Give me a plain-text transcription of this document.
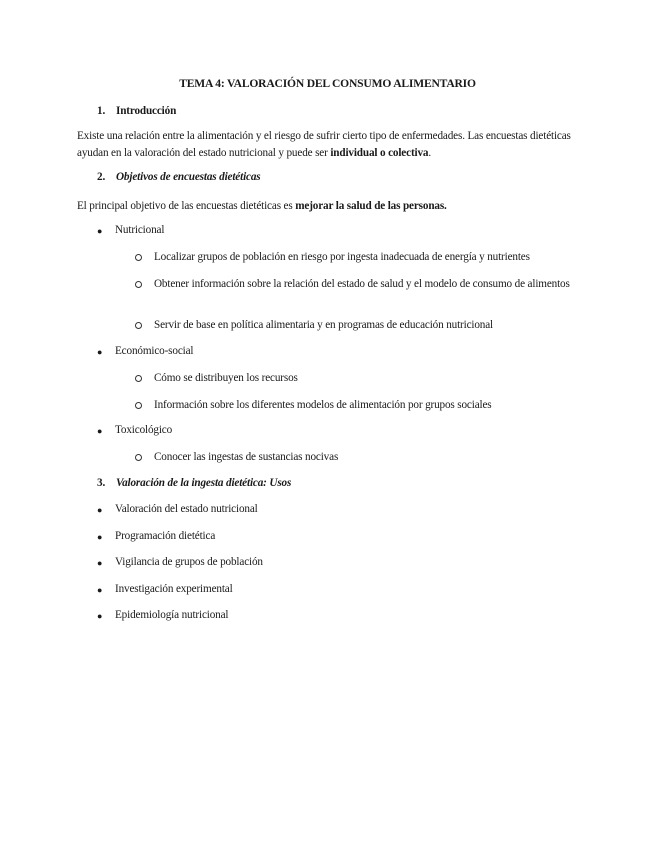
TEMA 4: VALORACIÓN DEL CONSUMO ALIMENTARIO
1. Introducción
Existe una relación entre la alimentación y el riesgo de sufrir cierto tipo de enfermedades. Las encuestas dietéticas ayudan en la valoración del estado nutricional y puede ser individual o colectiva.
2. Objetivos de encuestas dietéticas
El principal objetivo de las encuestas dietéticas es mejorar la salud de las personas.
● Nutricional
Localizar grupos de población en riesgo por ingesta inadecuada de energía y nutrientes
Obtener información sobre la relación del estado de salud y el modelo de consumo de alimentos
Servir de base en política alimentaria y en programas de educación nutricional
● Económico-social
Cómo se distribuyen los recursos
Información sobre los diferentes modelos de alimentación por grupos sociales
● Toxicológico
Conocer las ingestas de sustancias nocivas
3. Valoración de la ingesta dietética: Usos
● Valoración del estado nutricional
● Programación dietética
● Vigilancia de grupos de población
● Investigación experimental
● Epidemiología nutricional
